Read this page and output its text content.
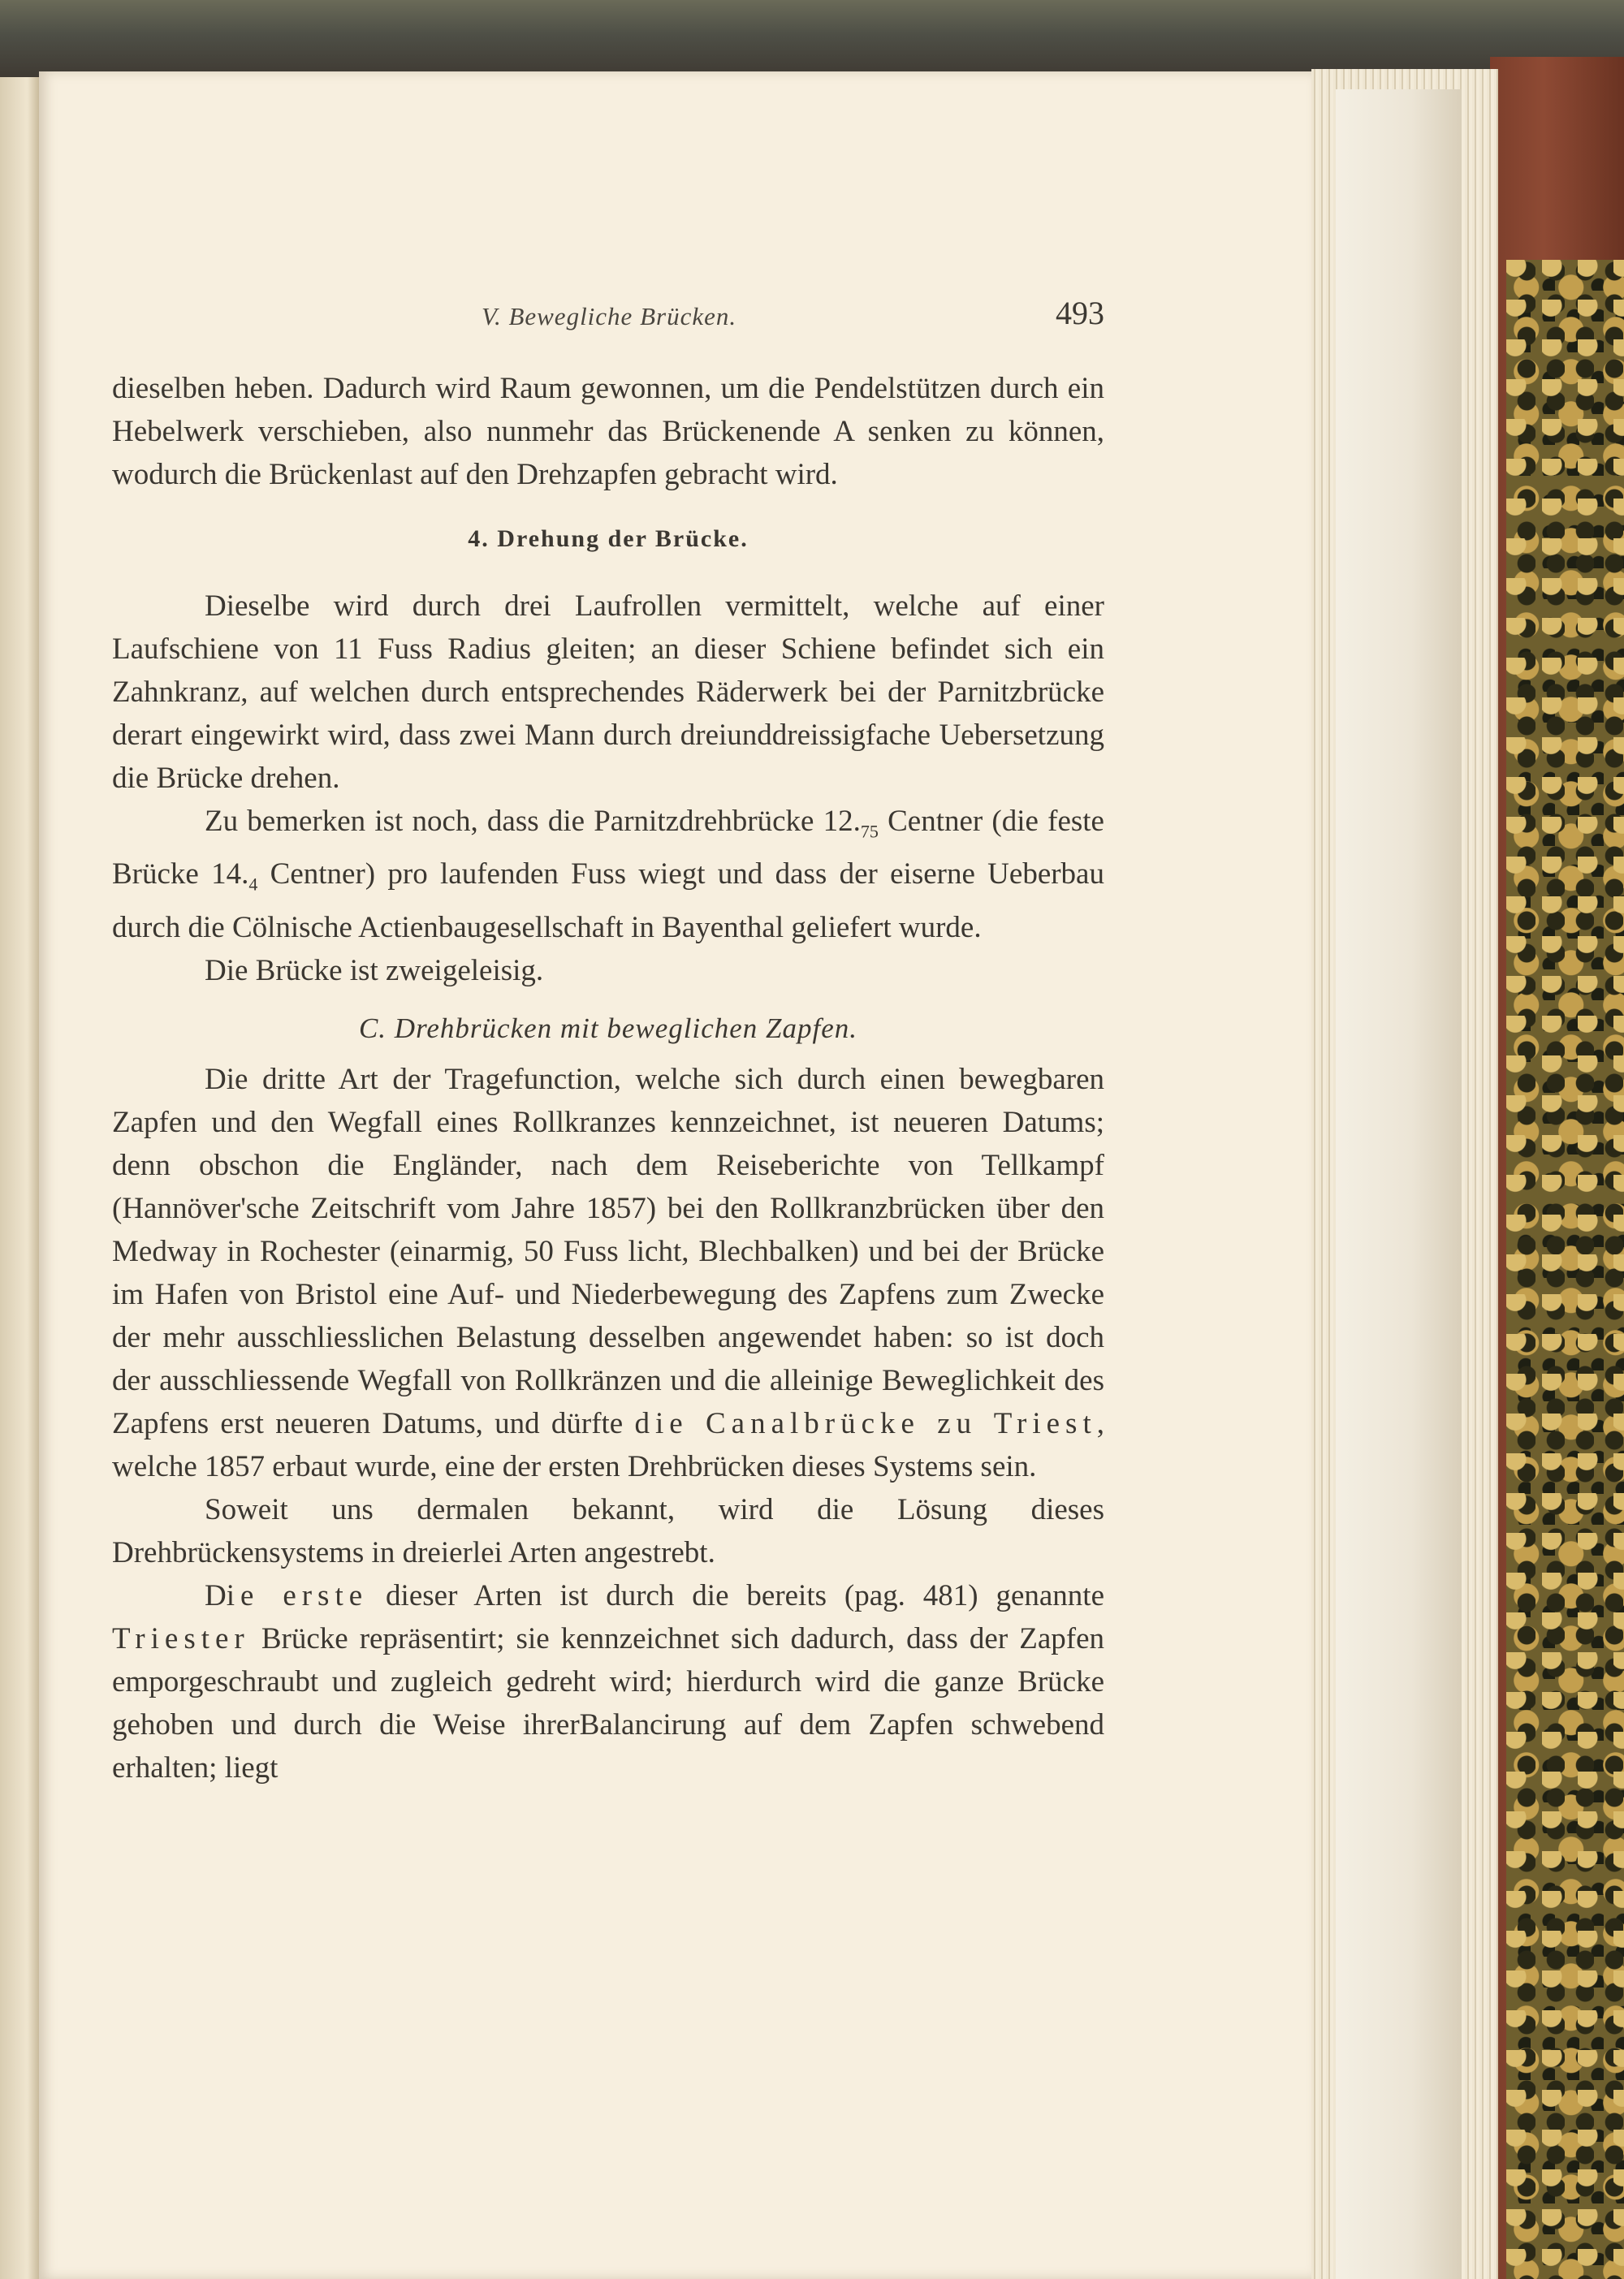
V. Bewegliche Brücken.	493

dieselben heben. Dadurch wird Raum gewonnen, um die Pendelstützen durch ein Hebelwerk verschieben, also nunmehr das Brückenende A senken zu können, wodurch die Brückenlast auf den Drehzapfen gebracht wird.

4. Drehung der Brücke.

Dieselbe wird durch drei Laufrollen vermittelt, welche auf einer Laufschiene von 11 Fuss Radius gleiten; an dieser Schiene befindet sich ein Zahnkranz, auf welchen durch entsprechendes Räderwerk bei der Parnitzbrücke derart eingewirkt wird, dass zwei Mann durch dreiunddreissigfache Uebersetzung die Brücke drehen.

Zu bemerken ist noch, dass die Parnitzdrehbrücke $12._{75}$ Centner (die feste Brücke $14._4$ Centner) pro laufenden Fuss wiegt und dass der eiserne Ueberbau durch die Cölnische Actienbaugesellschaft in Bayenthal geliefert wurde.

Die Brücke ist zweigeleisig.

C. Drehbrücken mit beweglichen Zapfen.

Die dritte Art der Tragefunction, welche sich durch einen bewegbaren Zapfen und den Wegfall eines Rollkranzes kennzeichnet, ist neueren Datums; denn obschon die Engländer, nach dem Reiseberichte von Tellkampf (Hannöver'sche Zeitschrift vom Jahre 1857) bei den Rollkranzbrücken über den Medway in Rochester (einarmig, 50 Fuss licht, Blechbalken) und bei der Brücke im Hafen von Bristol eine Auf- und Niederbewegung des Zapfens zum Zwecke der mehr ausschliesslichen Belastung desselben angewendet haben: so ist doch der ausschliessende Wegfall von Rollkränzen und die alleinige Beweglichkeit des Zapfens erst neueren Datums, und dürfte die Canalbrücke zu Triest, welche 1857 erbaut wurde, eine der ersten Drehbrücken dieses Systems sein.

Soweit uns dermalen bekannt, wird die Lösung dieses Drehbrückensystems in dreierlei Arten angestrebt.

Die erste dieser Arten ist durch die bereits (pag. 481) genannte Triester Brücke repräsentirt; sie kennzeichnet sich dadurch, dass der Zapfen emporgeschraubt und zugleich gedreht wird; hierdurch wird die ganze Brücke gehoben und durch die Weise ihrerBalancirung auf dem Zapfen schwebend erhalten; liegt
